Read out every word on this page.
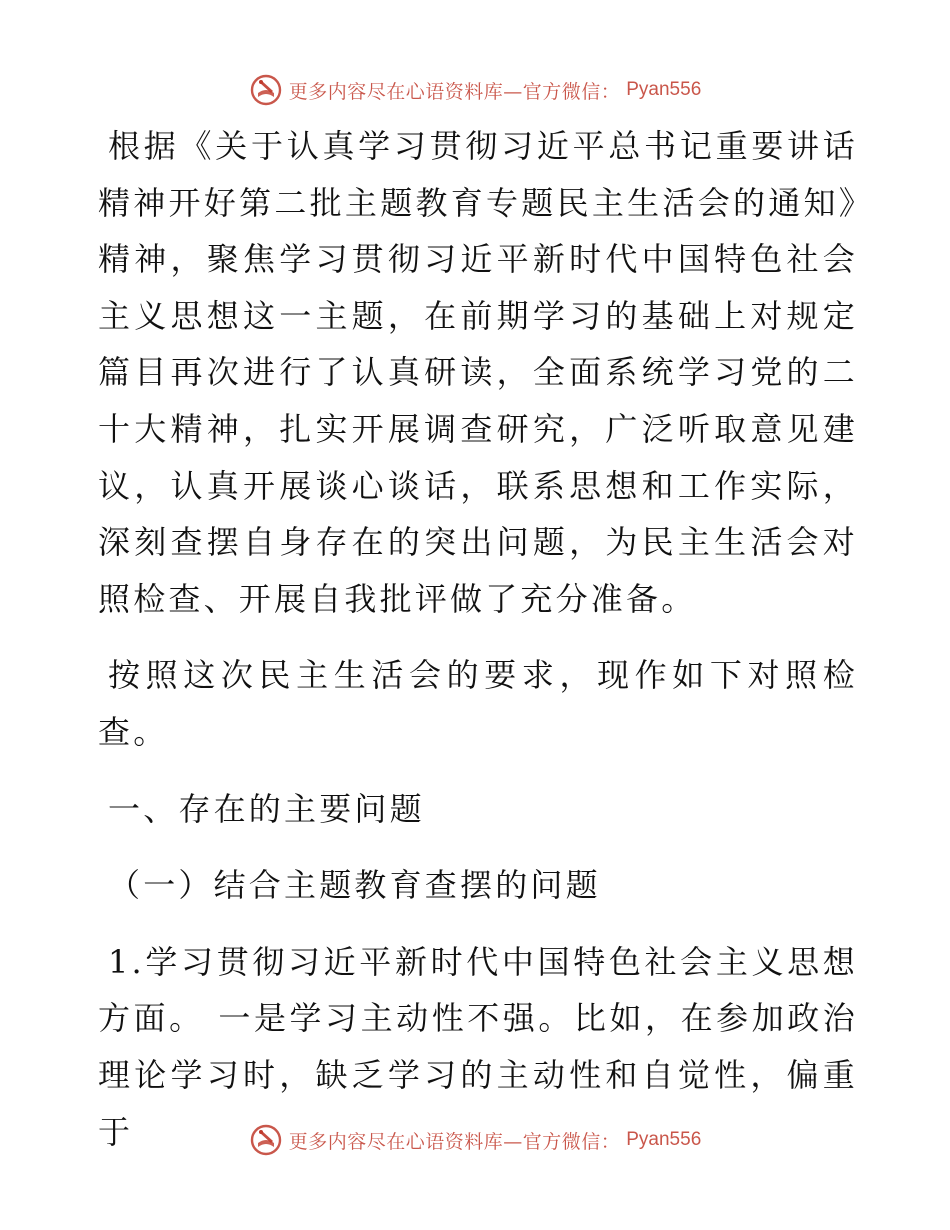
更多内容尽在心语资料库—官方微信： Pyan556

根据《关于认真学习贯彻习近平总书记重要讲话精神开好第二批主题教育专题民主生活会的通知》精神，聚焦学习贯彻习近平新时代中国特色社会主义思想这一主题，在前期学习的基础上对规定篇目再次进行了认真研读，全面系统学习党的二十大精神，扎实开展调查研究，广泛听取意见建议，认真开展谈心谈话，联系思想和工作实际，深刻查摆自身存在的突出问题，为民主生活会对照检查、开展自我批评做了充分准备。

按照这次民主生活会的要求，现作如下对照检查。

一、存在的主要问题

（一）结合主题教育查摆的问题

1.学习贯彻习近平新时代中国特色社会主义思想方面。 一是学习主动性不强。比如，在参加政治理论学习时，缺乏学习的主动性和自觉性，偏重于	更多内容尽在心语资料库—官方微信： Pyan556
